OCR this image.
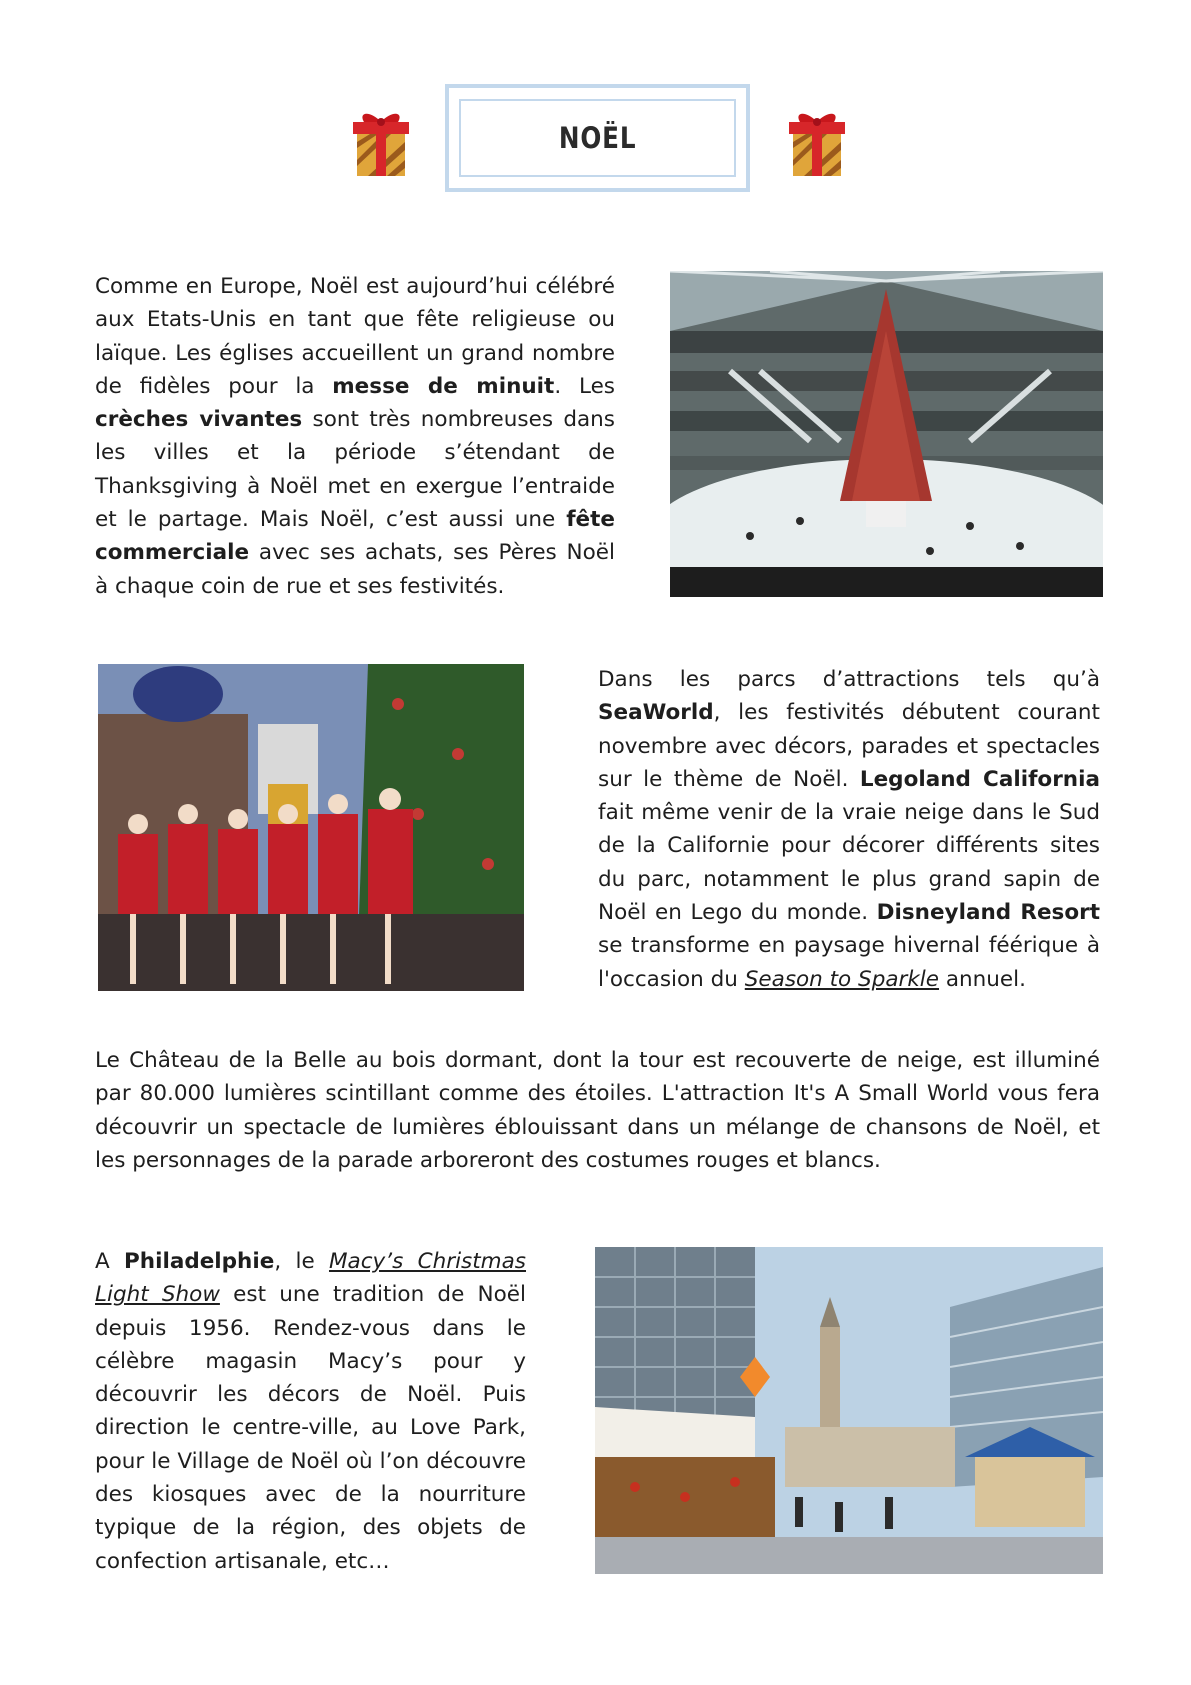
NOËL

Comme en Europe, Noël est aujourd’hui célébré aux Etats-Unis en tant que fête religieuse ou laïque. Les églises accueillent un grand nombre de fidèles pour la messe de minuit. Les crèches vivantes sont très nombreuses dans les villes et la période s’étendant de Thanksgiving à Noël met en exergue l’entraide et le partage. Mais Noël, c’est aussi une fête commerciale avec ses achats, ses Pères Noël à chaque coin de rue et ses festivités.

Dans les parcs d’attractions tels qu’à SeaWorld, les festivités débutent courant novembre avec décors, parades et spectacles sur le thème de Noël. Legoland California fait même venir de la vraie neige dans le Sud de la Californie pour décorer différents sites du parc, notamment le plus grand sapin de Noël en Lego du monde. Disneyland Resort se transforme en paysage hivernal féérique à l'occasion du Season to Sparkle annuel.

Le Château de la Belle au bois dormant, dont la tour est recouverte de neige, est illuminé par 80.000 lumières scintillant comme des étoiles. L'attraction It's A Small World vous fera découvrir un spectacle de lumières éblouissant dans un mélange de chansons de Noël, et les personnages de la parade arboreront des costumes rouges et blancs.

A Philadelphie, le Macy’s Christmas Light Show est une tradition de Noël depuis 1956. Rendez-vous dans le célèbre magasin Macy’s pour y découvrir les décors de Noël. Puis direction le centre-ville, au Love Park, pour le Village de Noël où l’on découvre des kiosques avec de la nourriture typique de la région, des objets de confection artisanale, etc…
